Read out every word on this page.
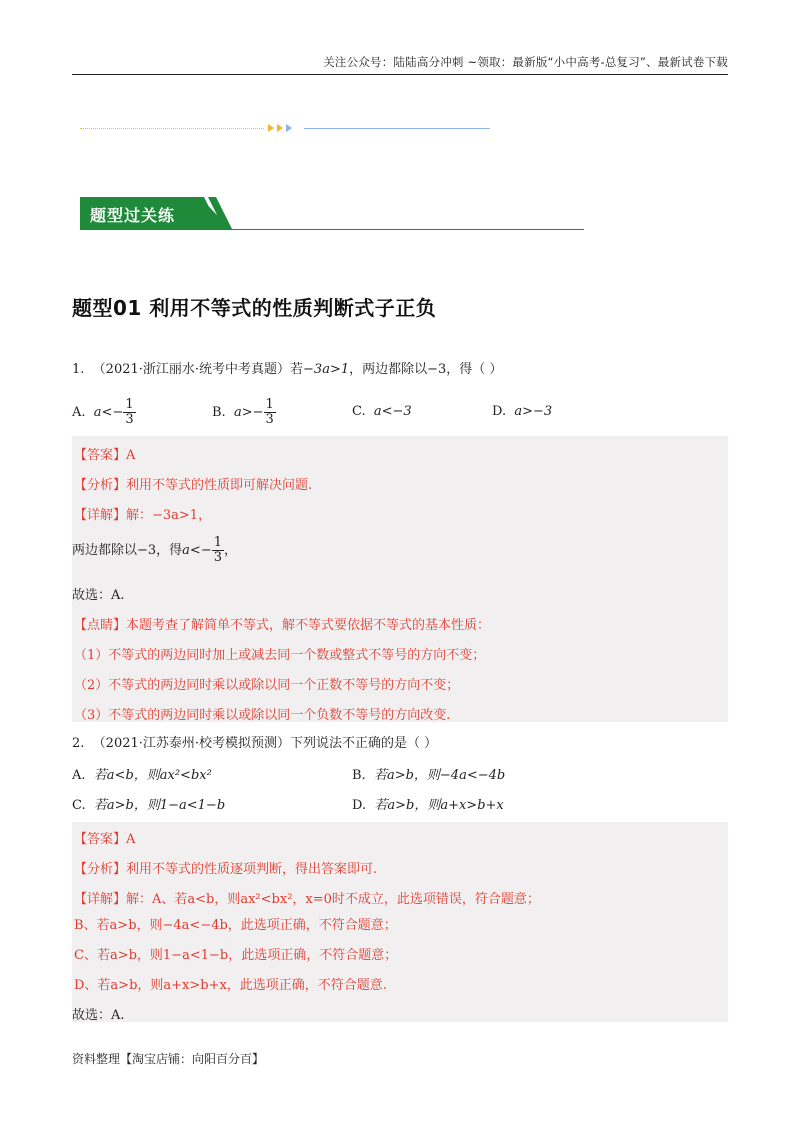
关注公众号：陆陆高分冲刺 ~领取：最新版“小中高考-总复习”、最新试卷下载
题型过关练
题型01 利用不等式的性质判断式子正负
1. （2021·浙江丽水·统考中考真题）若−3a>1，两边都除以−3，得（ ）
A. $a<- \frac{1}{3}$	B. $a>- \frac{1}{3}$	C. a<−3	D. a>−3
【答案】A
【分析】利用不等式的性质即可解决问题.
【详解】解：−3a>1，
两边都除以−3，得$a<- \frac{1}{3}$ ，
故选：A.
【点睛】本题考查了解简单不等式，解不等式要依据不等式的基本性质：
（1）不等式的两边同时加上或减去同一个数或整式不等号的方向不变；
（2）不等式的两边同时乘以或除以同一个正数不等号的方向不变；
（3）不等式的两边同时乘以或除以同一个负数不等号的方向改变.
2. （2021·江苏泰州·校考模拟预测）下列说法不正确的是（ ）
A. 若a<b，则ax²<bx²	B. 若a>b，则−4a<−4b
C. 若a>b，则1−a<1−b	D. 若a>b，则a+x>b+x
【答案】A
【分析】利用不等式的性质逐项判断，得出答案即可.
【详解】解：A、若a<b，则ax²<bx²，x=0时不成立，此选项错误，符合题意；
B、若a>b，则−4a<−4b，此选项正确，不符合题意；
C、若a>b，则1−a<1−b，此选项正确，不符合题意；
D、若a>b，则a+x>b+x，此选项正确，不符合题意.
故选：A.
资料整理【淘宝店铺：向阳百分百】
